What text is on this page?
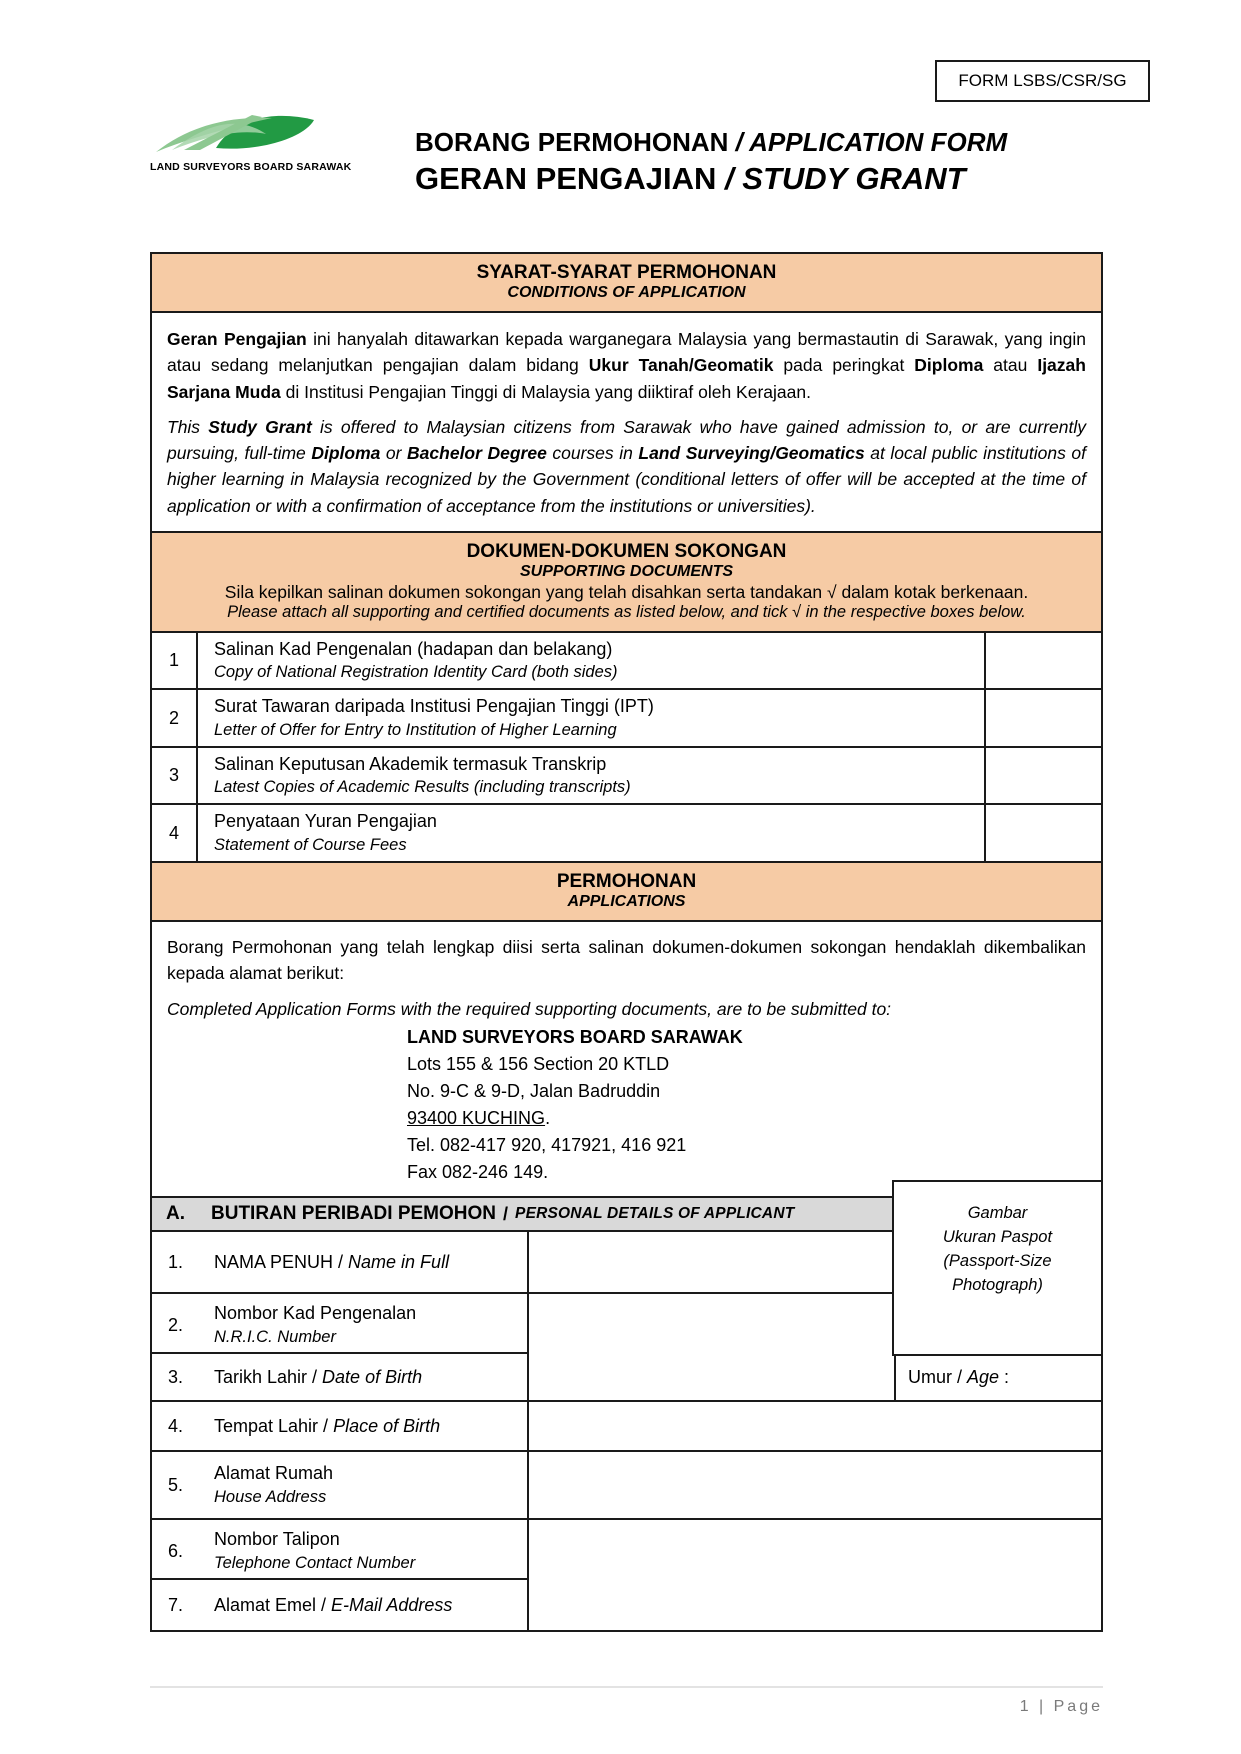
FORM LSBS/CSR/SG
LAND SURVEYORS BOARD SARAWAK
BORANG PERMOHONAN / APPLICATION FORM
GERAN PENGAJIAN / STUDY GRANT
SYARAT-SYARAT PERMOHONAN
CONDITIONS OF APPLICATION

Geran Pengajian ini hanyalah ditawarkan kepada warganegara Malaysia yang bermastautin di Sarawak, yang ingin atau sedang melanjutkan pengajian dalam bidang Ukur Tanah/Geomatik pada peringkat Diploma atau Ijazah Sarjana Muda di Institusi Pengajian Tinggi di Malaysia yang diiktiraf oleh Kerajaan.

This Study Grant is offered to Malaysian citizens from Sarawak who have gained admission to, or are currently pursuing, full-time Diploma or Bachelor Degree courses in Land Surveying/Geomatics at local public institutions of higher learning in Malaysia recognized by the Government (conditional letters of offer will be accepted at the time of application or with a confirmation of acceptance from the institutions or universities).

DOKUMEN-DOKUMEN SOKONGAN
SUPPORTING DOCUMENTS
Sila kepilkan salinan dokumen sokongan yang telah disahkan serta tandakan √ dalam kotak berkenaan.
Please attach all supporting and certified documents as listed below, and tick √ in the respective boxes below.
1
Salinan Kad Pengenalan (hadapan dan belakang)
Copy of National Registration Identity Card (both sides)
2
Surat Tawaran daripada Institusi Pengajian Tinggi (IPT)
Letter of Offer for Entry to Institution of Higher Learning
3
Salinan Keputusan Akademik termasuk Transkrip
Latest Copies of Academic Results (including transcripts)
4
Penyataan Yuran Pengajian
Statement of Course Fees
PERMOHONAN
APPLICATIONS

Borang Permohonan yang telah lengkap diisi serta salinan dokumen-dokumen sokongan hendaklah dikembalikan kepada alamat berikut:

Completed Application Forms with the required supporting documents, are to be submitted to:

LAND SURVEYORS BOARD SARAWAK
Lots 155 & 156 Section 20 KTLD
No. 9-C & 9-D, Jalan Badruddin
93400 KUCHING.
Tel. 082-417 920, 417921, 416 921
Fax 082-246 149.
A. BUTIRAN PERIBADI PEMOHON / PERSONAL DETAILS OF APPLICANT
1.	NAMA PENUH / Name in Full
2.
Nombor Kad Pengenalan
N.R.I.C. Number
3.	Tarikh Lahir / Date of Birth	Umur / Age :
4.	Tempat Lahir / Place of Birth
5.
Alamat Rumah
House Address
6.
Nombor Talipon
Telephone Contact Number
7.	Alamat Emel / E-Mail Address
Gambar
Ukuran Paspot
(Passport-Size
Photograph)
1 | Page
